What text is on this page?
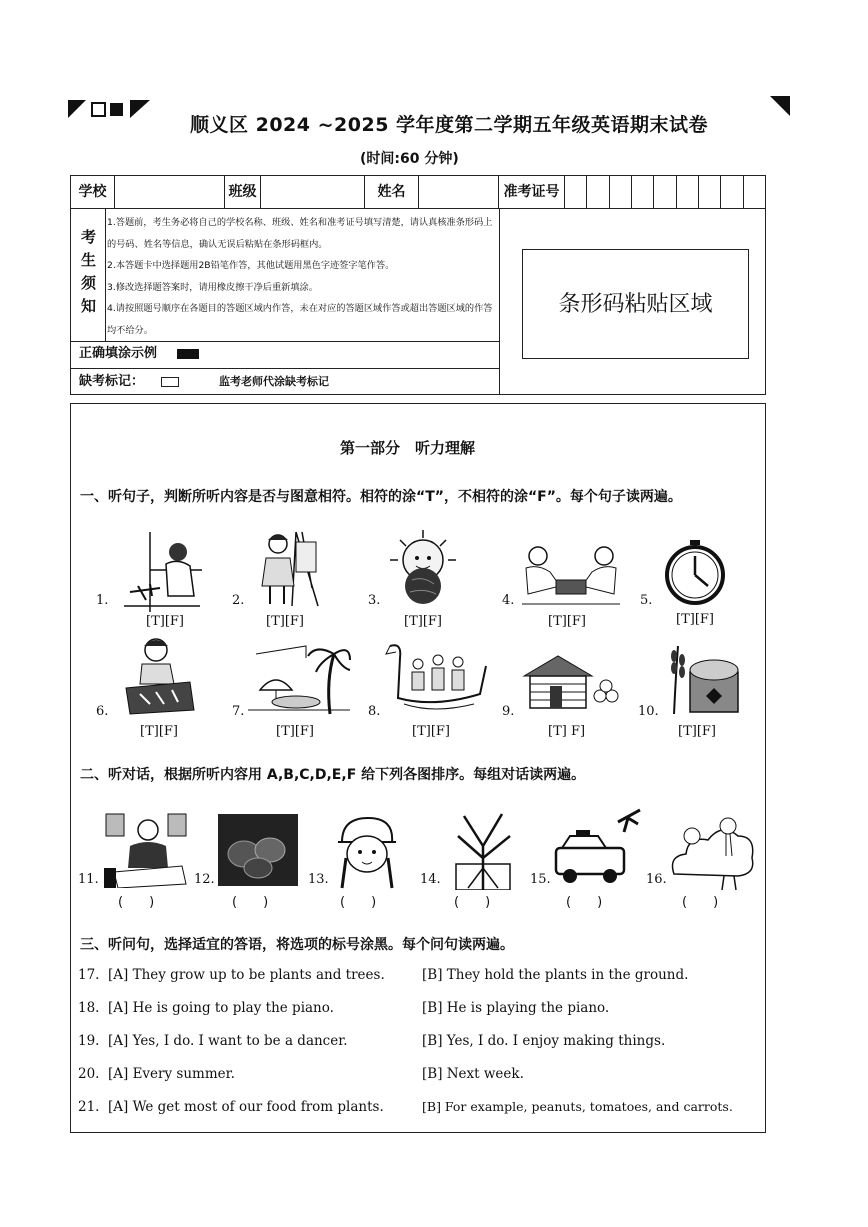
顺义区 2024 ~2025 学年度第二学期五年级英语期末试卷
(时间:60 分钟)
学校	班级	姓名	准考证号
考生须知
1.答题前，考生务必将自己的学校名称、班级、姓名和准考证号填写清楚，请认真核准条形码上的号码、姓名等信息，确认无误后粘贴在条形码框内。
2.本答题卡中选择题用2B铅笔作答，其他试题用黑色字迹签字笔作答。
3.修改选择题答案时，请用橡皮擦干净后重新填涂。
4.请按照题号顺序在各题目的答题区域内作答，未在对应的答题区域作答或超出答题区域的作答均不给分。
正确填涂示例
缺考标记：	监考老师代涂缺考标记
条形码粘贴区域
第一部分　听力理解
一、听句子，判断所听内容是否与图意相符。相符的涂“T”，不相符的涂“F”。每个句子读两遍。
1.
[T][F]
2.
[T][F]
3.
[T][F]
4.
[T][F]
5.
[T][F]
6.
[T][F]
7.
[T][F]
8.
[T][F]
9.
[T] F]
10.
[T][F]
二、听对话，根据所听内容用 A,B,C,D,E,F 给下列各图排序。每组对话读两遍。
11.
(　　)
12.
(　　)
13.
(　　)
14.
(　　)
15.
(　　)
16.
(　　)
三、听问句，选择适宜的答语，将选项的标号涂黑。每个问句读两遍。
17. [A] They grow up to be plants and trees.	[B] They hold the plants in the ground.
18. [A] He is going to play the piano.	[B] He is playing the piano.
19. [A] Yes, I do. I want to be a dancer.	[B] Yes, I do. I enjoy making things.
20. [A] Every summer.	[B] Next week.
21. [A] We get most of our food from plants.	[B] For example, peanuts, tomatoes, and carrots.
